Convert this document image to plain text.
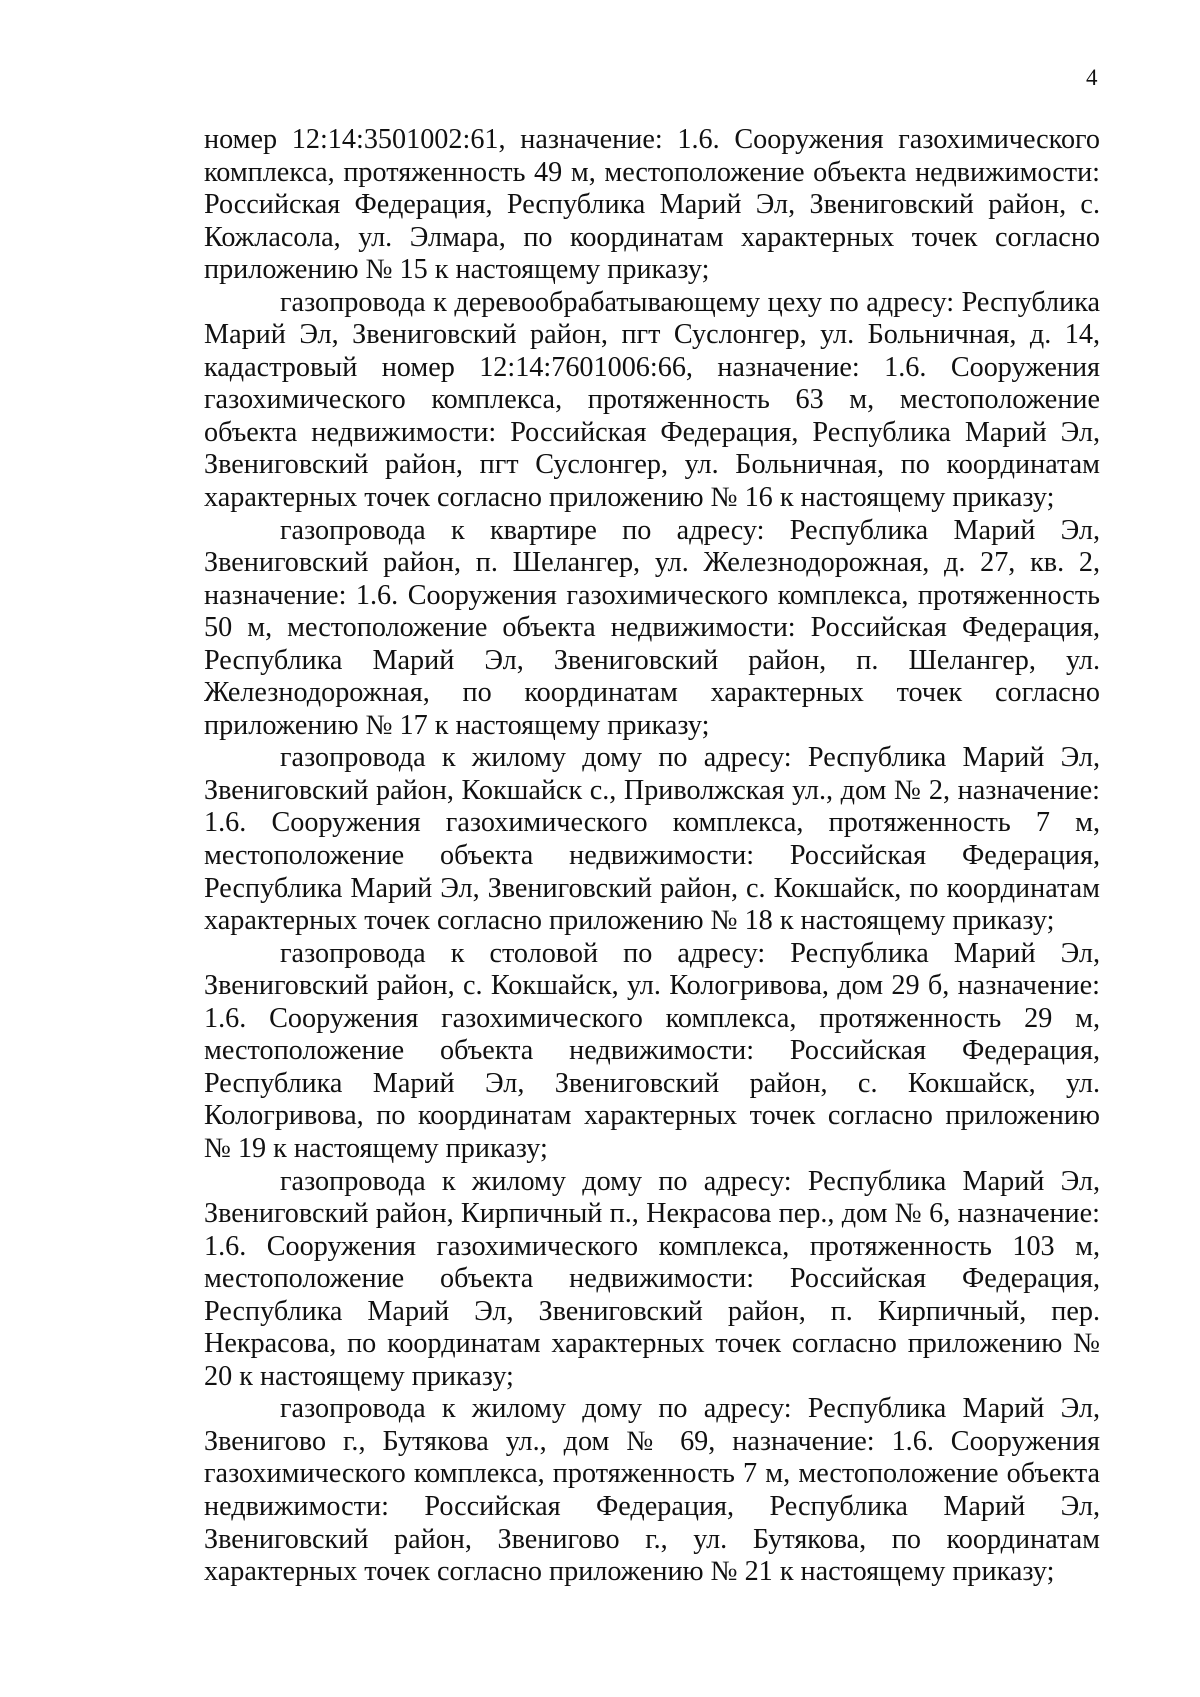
4

номер 12:14:3501002:61, назначение: 1.6. Сооружения газохимического комплекса, протяженность 49 м, местоположение объекта недвижимости: Российская Федерация, Республика Марий Эл, Звениговский район, с. Кожласола, ул. Элмара, по координатам характерных точек согласно приложению № 15 к настоящему приказу;

газопровода к деревообрабатывающему цеху по адресу: Республика Марий Эл, Звениговский район, пгт Суслонгер, ул. Больничная, д. 14, кадастровый номер 12:14:7601006:66, назначение: 1.6. Сооружения газохимического комплекса, протяженность 63 м, местоположение объекта недвижимости: Российская Федерация, Республика Марий Эл, Звениговский район, пгт Суслонгер, ул. Больничная, по координатам характерных точек согласно приложению № 16 к настоящему приказу;

газопровода к квартире по адресу: Республика Марий Эл, Звениговский район, п. Шелангер, ул. Железнодорожная, д. 27, кв. 2, назначение: 1.6. Сооружения газохимического комплекса, протяженность 50 м, местоположение объекта недвижимости: Российская Федерация, Республика Марий Эл, Звениговский район, п. Шелангер, ул. Железнодорожная, по координатам характерных точек согласно приложению № 17 к настоящему приказу;

газопровода к жилому дому по адресу: Республика Марий Эл, Звениговский район, Кокшайск с., Приволжская ул., дом № 2, назначение: 1.6. Сооружения газохимического комплекса, протяженность 7 м, местоположение объекта недвижимости: Российская Федерация, Республика Марий Эл, Звениговский район, с. Кокшайск, по координатам характерных точек согласно приложению № 18 к настоящему приказу;

газопровода к столовой по адресу: Республика Марий Эл, Звениговский район, с. Кокшайск, ул. Кологривова, дом 29 б, назначение: 1.6. Сооружения газохимического комплекса, протяженность 29 м, местоположение объекта недвижимости: Российская Федерация, Республика Марий Эл, Звениговский район, с. Кокшайск, ул. Кологривова, по координатам характерных точек согласно приложению № 19 к настоящему приказу;

газопровода к жилому дому по адресу: Республика Марий Эл, Звениговский район, Кирпичный п., Некрасова пер., дом № 6, назначение: 1.6. Сооружения газохимического комплекса, протяженность 103 м, местоположение объекта недвижимости: Российская Федерация, Республика Марий Эл, Звениговский район, п. Кирпичный, пер. Некрасова, по координатам характерных точек согласно приложению № 20 к настоящему приказу;

газопровода к жилому дому по адресу: Республика Марий Эл, Звенигово г., Бутякова ул., дом № 69, назначение: 1.6. Сооружения газохимического комплекса, протяженность 7 м, местоположение объекта недвижимости: Российская Федерация, Республика Марий Эл, Звениговский район, Звенигово г., ул. Бутякова, по координатам характерных точек согласно приложению № 21 к настоящему приказу;
